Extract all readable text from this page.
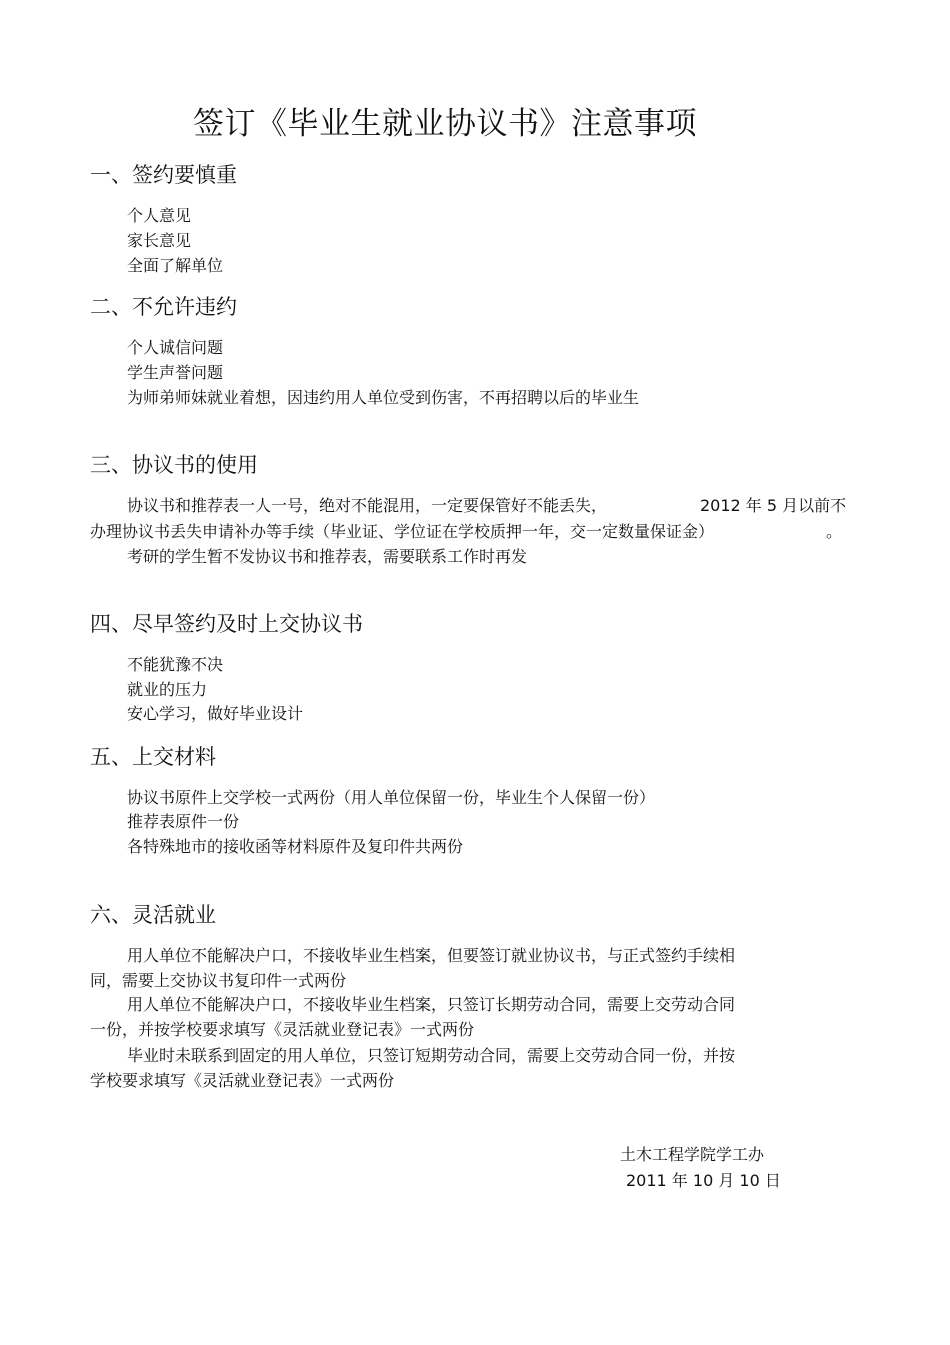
签订《毕业生就业协议书》注意事项
一、签约要慎重
个人意见
家长意见
全面了解单位
二、不允许违约
个人诚信问题
学生声誉问题
为师弟师妹就业着想，因违约用人单位受到伤害，不再招聘以后的毕业生
三、协议书的使用
协议书和推荐表一人一号，绝对不能混用，一定要保管好不能丢失，	2012 年 5 月以前不
办理协议书丢失申请补办等手续（毕业证、学位证在学校质押一年，交一定数量保证金）	。
考研的学生暂不发协议书和推荐表，需要联系工作时再发
四、尽早签约及时上交协议书
不能犹豫不决
就业的压力
安心学习，做好毕业设计
五、上交材料
协议书原件上交学校一式两份（用人单位保留一份，毕业生个人保留一份）
推荐表原件一份
各特殊地市的接收函等材料原件及复印件共两份
六、灵活就业
用人单位不能解决户口，不接收毕业生档案，但要签订就业协议书，与正式签约手续相
同，需要上交协议书复印件一式两份
用人单位不能解决户口，不接收毕业生档案，只签订长期劳动合同，需要上交劳动合同
一份，并按学校要求填写《灵活就业登记表》一式两份
毕业时未联系到固定的用人单位，只签订短期劳动合同，需要上交劳动合同一份，并按
学校要求填写《灵活就业登记表》一式两份
土木工程学院学工办
2011 年 10 月 10 日
